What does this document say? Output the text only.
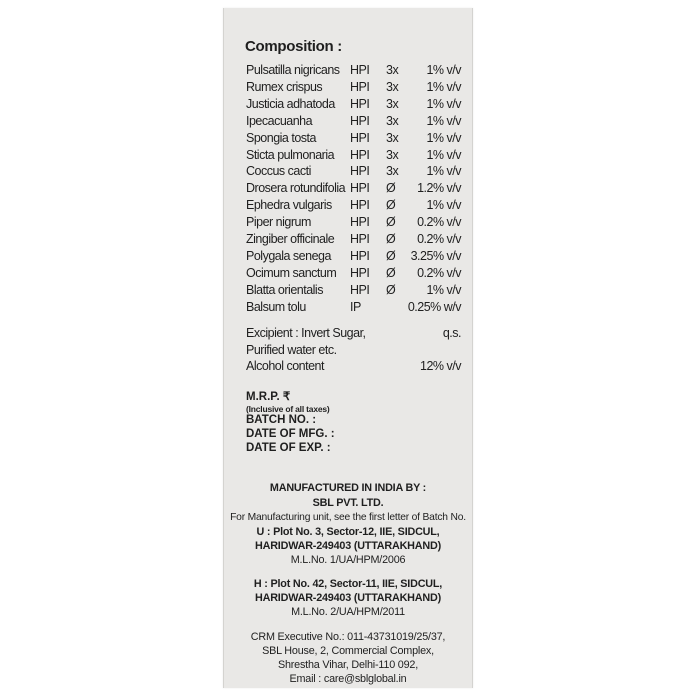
Composition :
Pulsatilla nigricans HPI 3x 1% v/v
Rumex crispus HPI 3x 1% v/v
Justicia adhatoda HPI 3x 1% v/v
Ipecacuanha	HPI 3x 1% v/v
Spongia tosta	HPI 3x 1% v/v
Sticta pulmonaria HPI 3x 1% v/v
Coccus cacti	HPI 3x 1% v/v
Drosera rotundifolia HPI Ø 1.2% v/v
Ephedra vulgaris HPI Ø	1% v/v
Piper nigrum	HPI Ø 0.2% v/v
Zingiber officinale HPI Ø 0.2% v/v
Polygala senega HPI Ø 3.25% v/v
Ocimum sanctum HPI Ø 0.2% v/v
Blatta orientalis HPI Ø	1% v/v
Balsum tolu	IP	0.25% w/v
Excipient : Invert Sugar,	q.s.
Purified water etc.
Alcohol content	12% v/v
M.R.P. ₹
(Inclusive of all taxes)
BATCH NO. :
DATE OF MFG. :
DATE OF EXP. :
MANUFACTURED IN INDIA BY :
SBL PVT. LTD.
For Manufacturing unit, see the first letter of Batch No.
U : Plot No. 3, Sector-12, IIE, SIDCUL,
HARIDWAR-249403 (UTTARAKHAND)
M.L.No. 1/UA/HPM/2006
H : Plot No. 42, Sector-11, IIE, SIDCUL,
HARIDWAR-249403 (UTTARAKHAND)
M.L.No. 2/UA/HPM/2011
CRM Executive No.: 011-43731019/25/37,
SBL House, 2, Commercial Complex,
Shrestha Vihar, Delhi-110 092,
Email : care@sblglobal.in
